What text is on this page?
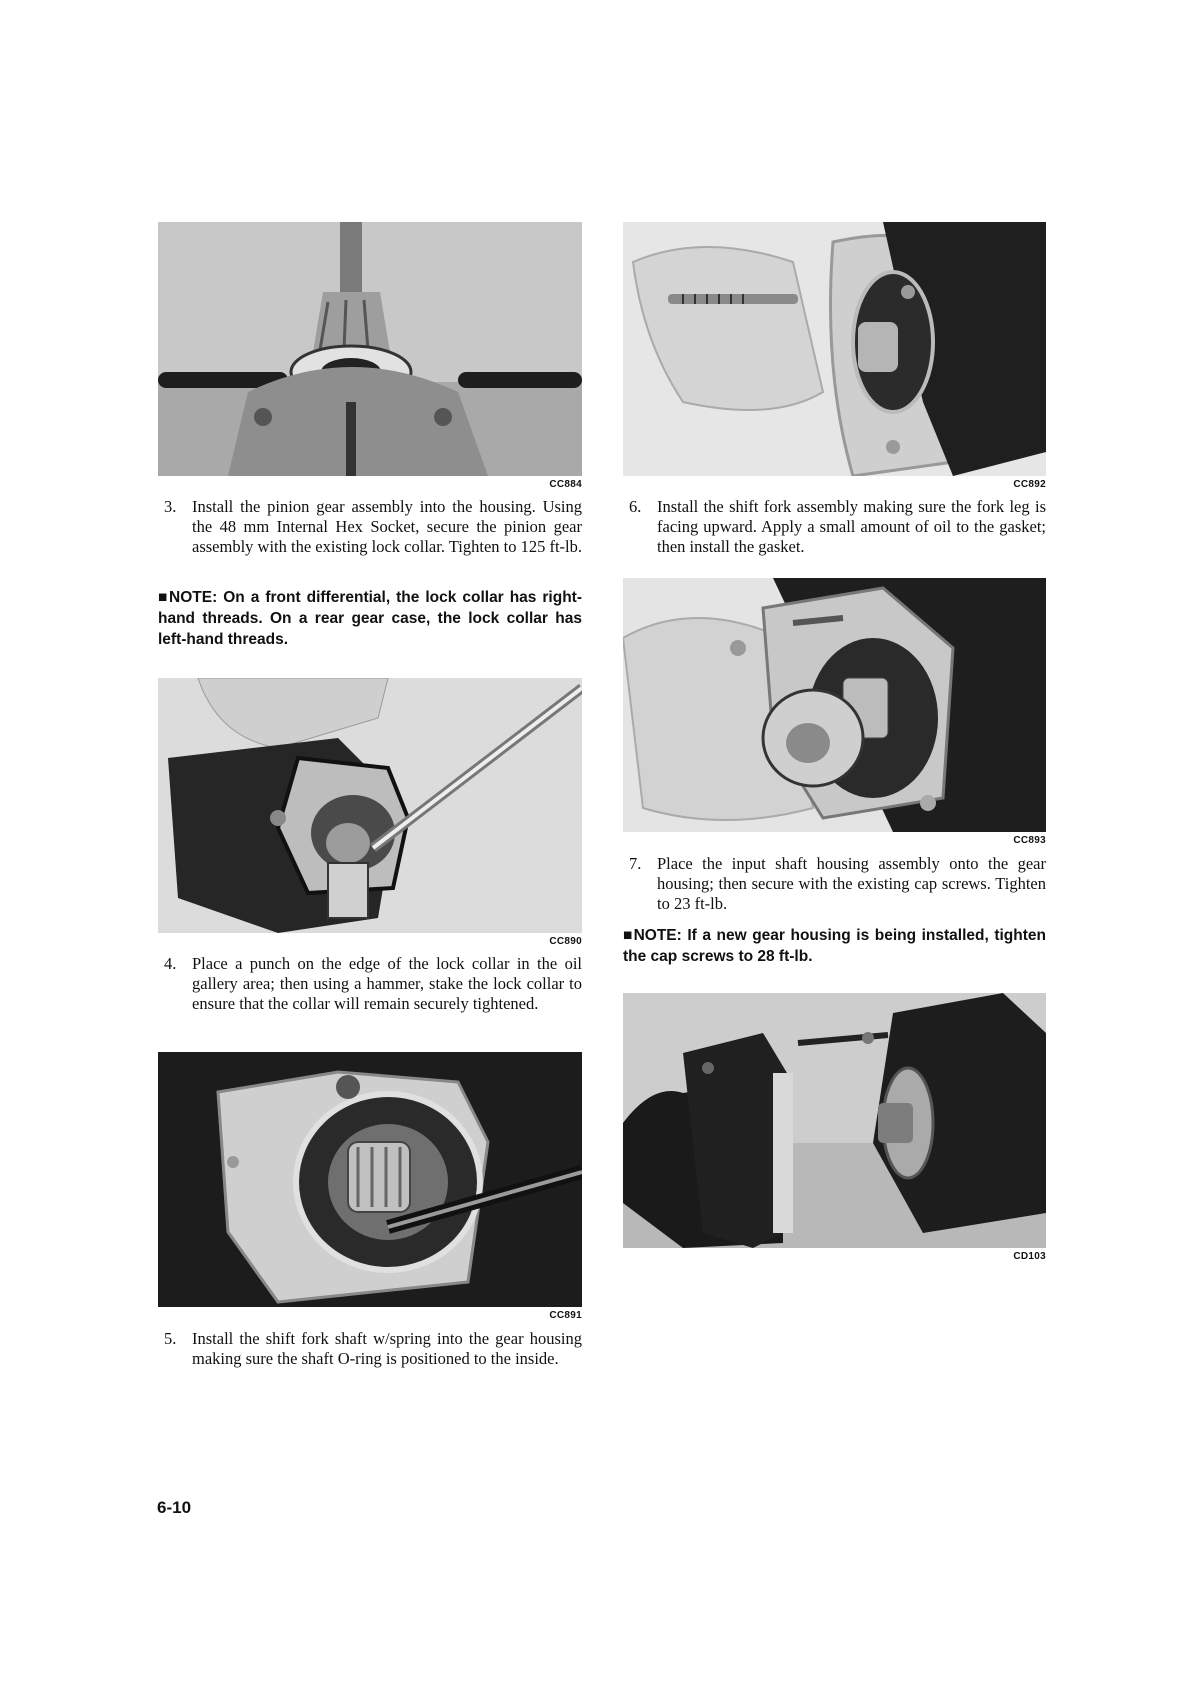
CC884
3. Install the pinion gear assembly into the housing. Using the 48 mm Internal Hex Socket, secure the pinion gear assembly with the existing lock collar. Tighten to 125 ft-lb.
■NOTE: On a front differential, the lock collar has right-hand threads. On a rear gear case, the lock collar has left-hand threads.
CC890
4. Place a punch on the edge of the lock collar in the oil gallery area; then using a hammer, stake the lock collar to ensure that the collar will remain securely tightened.
CC891
5. Install the shift fork shaft w/spring into the gear housing making sure the shaft O-ring is positioned to the inside.
CC892
6. Install the shift fork assembly making sure the fork leg is facing upward. Apply a small amount of oil to the gasket; then install the gasket.
CC893
7. Place the input shaft housing assembly onto the gear housing; then secure with the existing cap screws. Tighten to 23 ft-lb.
■NOTE: If a new gear housing is being installed, tighten the cap screws to 28 ft-lb.
CD103
6-10
